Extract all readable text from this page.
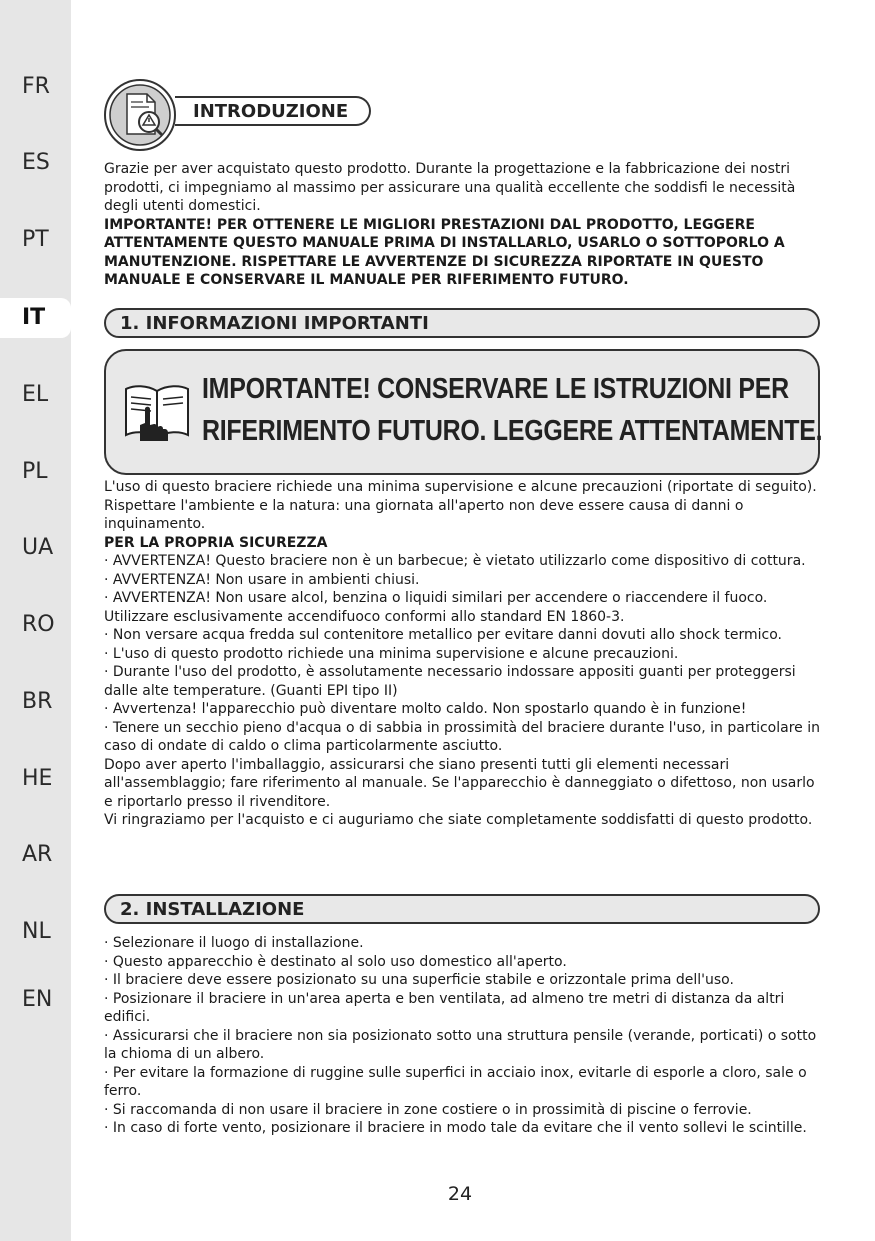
FR
ES
PT
IT
EL
PL
UA
RO
BR
HE
AR
NL
EN
INTRODUZIONE

Grazie per aver acquistato questo prodotto. Durante la progettazione e la fabbricazione dei nostri prodotti, ci impegniamo al massimo per assicurare una qualità eccellente che soddisfi le necessità degli utenti domestici.

IMPORTANTE! PER OTTENERE LE MIGLIORI PRESTAZIONI DAL PRODOTTO, LEGGERE ATTENTAMENTE QUESTO MANUALE PRIMA DI INSTALLARLO, USARLO O SOTTOPORLO A MANUTENZIONE. RISPETTARE LE AVVERTENZE DI SICUREZZA RIPORTATE IN QUESTO MANUALE E CONSERVARE IL MANUALE PER RIFERIMENTO FUTURO.

1. INFORMAZIONI IMPORTANTI
IMPORTANTE! CONSERVARE LE ISTRUZIONI PER
RIFERIMENTO FUTURO. LEGGERE ATTENTAMENTE.

L'uso di questo braciere richiede una minima supervisione e alcune precauzioni (riportate di seguito).

Rispettare l'ambiente e la natura: una giornata all'aperto non deve essere causa di danni o inquinamento.

PER LA PROPRIA SICUREZZA

· AVVERTENZA! Questo braciere non è un barbecue; è vietato utilizzarlo come dispositivo di cottura.

· AVVERTENZA! Non usare in ambienti chiusi.

· AVVERTENZA! Non usare alcol, benzina o liquidi similari per accendere o riaccendere il fuoco. Utilizzare esclusivamente accendifuoco conformi allo standard EN 1860-3.

· Non versare acqua fredda sul contenitore metallico per evitare danni dovuti allo shock termico.

· L'uso di questo prodotto richiede una minima supervisione e alcune precauzioni.

· Durante l'uso del prodotto, è assolutamente necessario indossare appositi guanti per proteggersi dalle alte temperature. (Guanti EPI tipo II)

· Avvertenza! l'apparecchio può diventare molto caldo. Non spostarlo quando è in funzione!

· Tenere un secchio pieno d'acqua o di sabbia in prossimità del braciere durante l'uso, in particolare in caso di ondate di caldo o clima particolarmente asciutto.

Dopo aver aperto l'imballaggio, assicurarsi che siano presenti tutti gli elementi necessari all'assemblaggio; fare riferimento al manuale. Se l'apparecchio è danneggiato o difettoso, non usarlo e riportarlo presso il rivenditore.

Vi ringraziamo per l'acquisto e ci auguriamo che siate completamente soddisfatti di questo prodotto.

2. INSTALLAZIONE

· Selezionare il luogo di installazione.

· Questo apparecchio è destinato al solo uso domestico all'aperto.

· Il braciere deve essere posizionato su una superficie stabile e orizzontale prima dell'uso.

· Posizionare il braciere in un'area aperta e ben ventilata, ad almeno tre metri di distanza da altri edifici.

· Assicurarsi che il braciere non sia posizionato sotto una struttura pensile (verande, porticati) o sotto la chioma di un albero.

· Per evitare la formazione di ruggine sulle superfici in acciaio inox, evitarle di esporle a cloro, sale o ferro.

· Si raccomanda di non usare il braciere in zone costiere o in prossimità di piscine o ferrovie.

· In caso di forte vento, posizionare il braciere in modo tale da evitare che il vento sollevi le scintille.

24
